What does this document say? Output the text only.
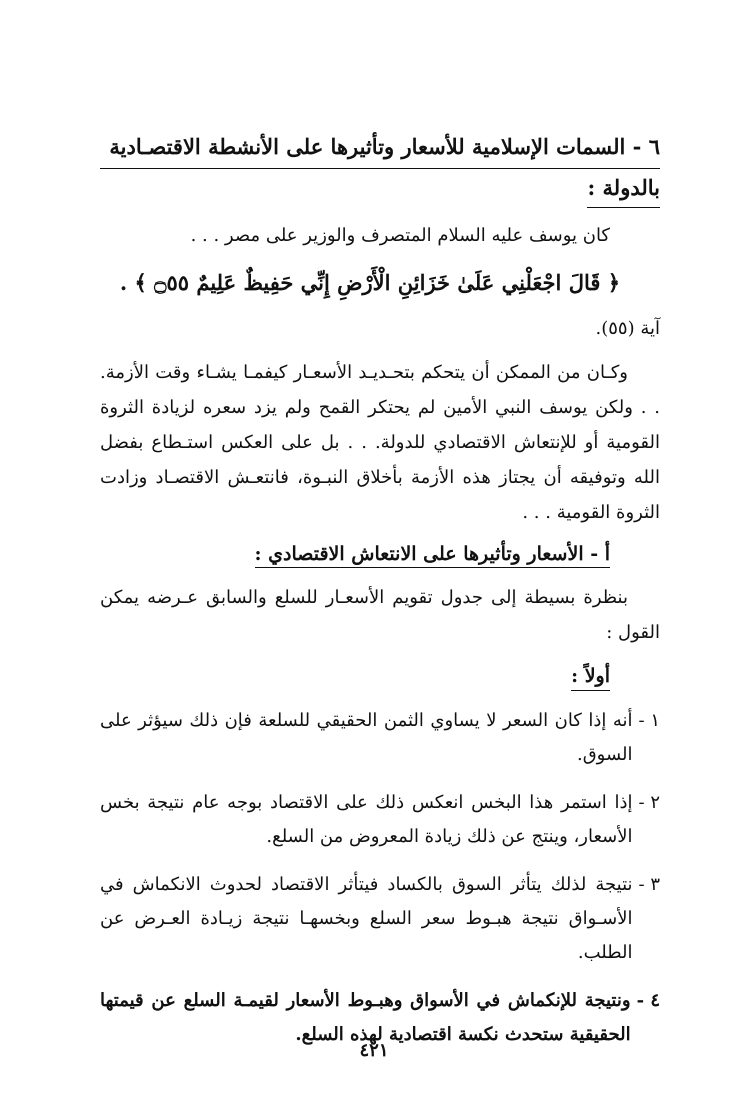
٦ - السمات الإسلامية للأسعار وتأثيرها على الأنشطة الاقتصـادية
بالدولة :

كان يوسف عليه السلام المتصرف والوزير على مصر . . .

﴿ قَالَ اجْعَلْنِي عَلَىٰ خَزَائِنِ الْأَرْضِ إِنِّي حَفِيظٌ عَلِيمٌ ۝٥٥ ﴾ .

آية (٥٥).

وكـان من الممكن أن يتحكم بتحـديـد الأسعـار كيفمـا يشـاء وقت الأزمة. . . ولكن يوسف النبي الأمين لم يحتكر القمح ولم يزد سعره لزيادة الثروة القومية أو للإنتعاش الاقتصادي للدولة. . . بل على العكس استـطاع بفضل الله وتوفيقه أن يجتاز هذه الأزمة بأخلاق النبـوة، فانتعـش الاقتصـاد وزادت الثروة القومية . . .

أ - الأسعار وتأثيرها على الانتعاش الاقتصادي :

بنظرة بسيطة إلى جدول تقويم الأسعـار للسلع والسابق عـرضه يمكن القول :

أولاً :

١ -
أنه إذا كان السعر لا يساوي الثمن الحقيقي للسلعة فإن ذلك سيؤثر على السوق.
٢ -
إذا استمر هذا البخس انعكس ذلك على الاقتصاد بوجه عام نتيجة بخس الأسعار، وينتج عن ذلك زيادة المعروض من السلع.
٣ -
نتيجة لذلك يتأثر السوق بالكساد فيتأثر الاقتصاد لحدوث الانكماش في الأسـواق نتيجة هبـوط سعر السلع وبخسهـا نتيجة زيـادة العـرض عن الطلب.
٤ -
ونتيجة للإنكماش في الأسواق وهبـوط الأسعار لقيمـة السلع عن قيمتها الحقيقية ستحدث نكسة اقتصادية لهذه السلع.
٤٢١
